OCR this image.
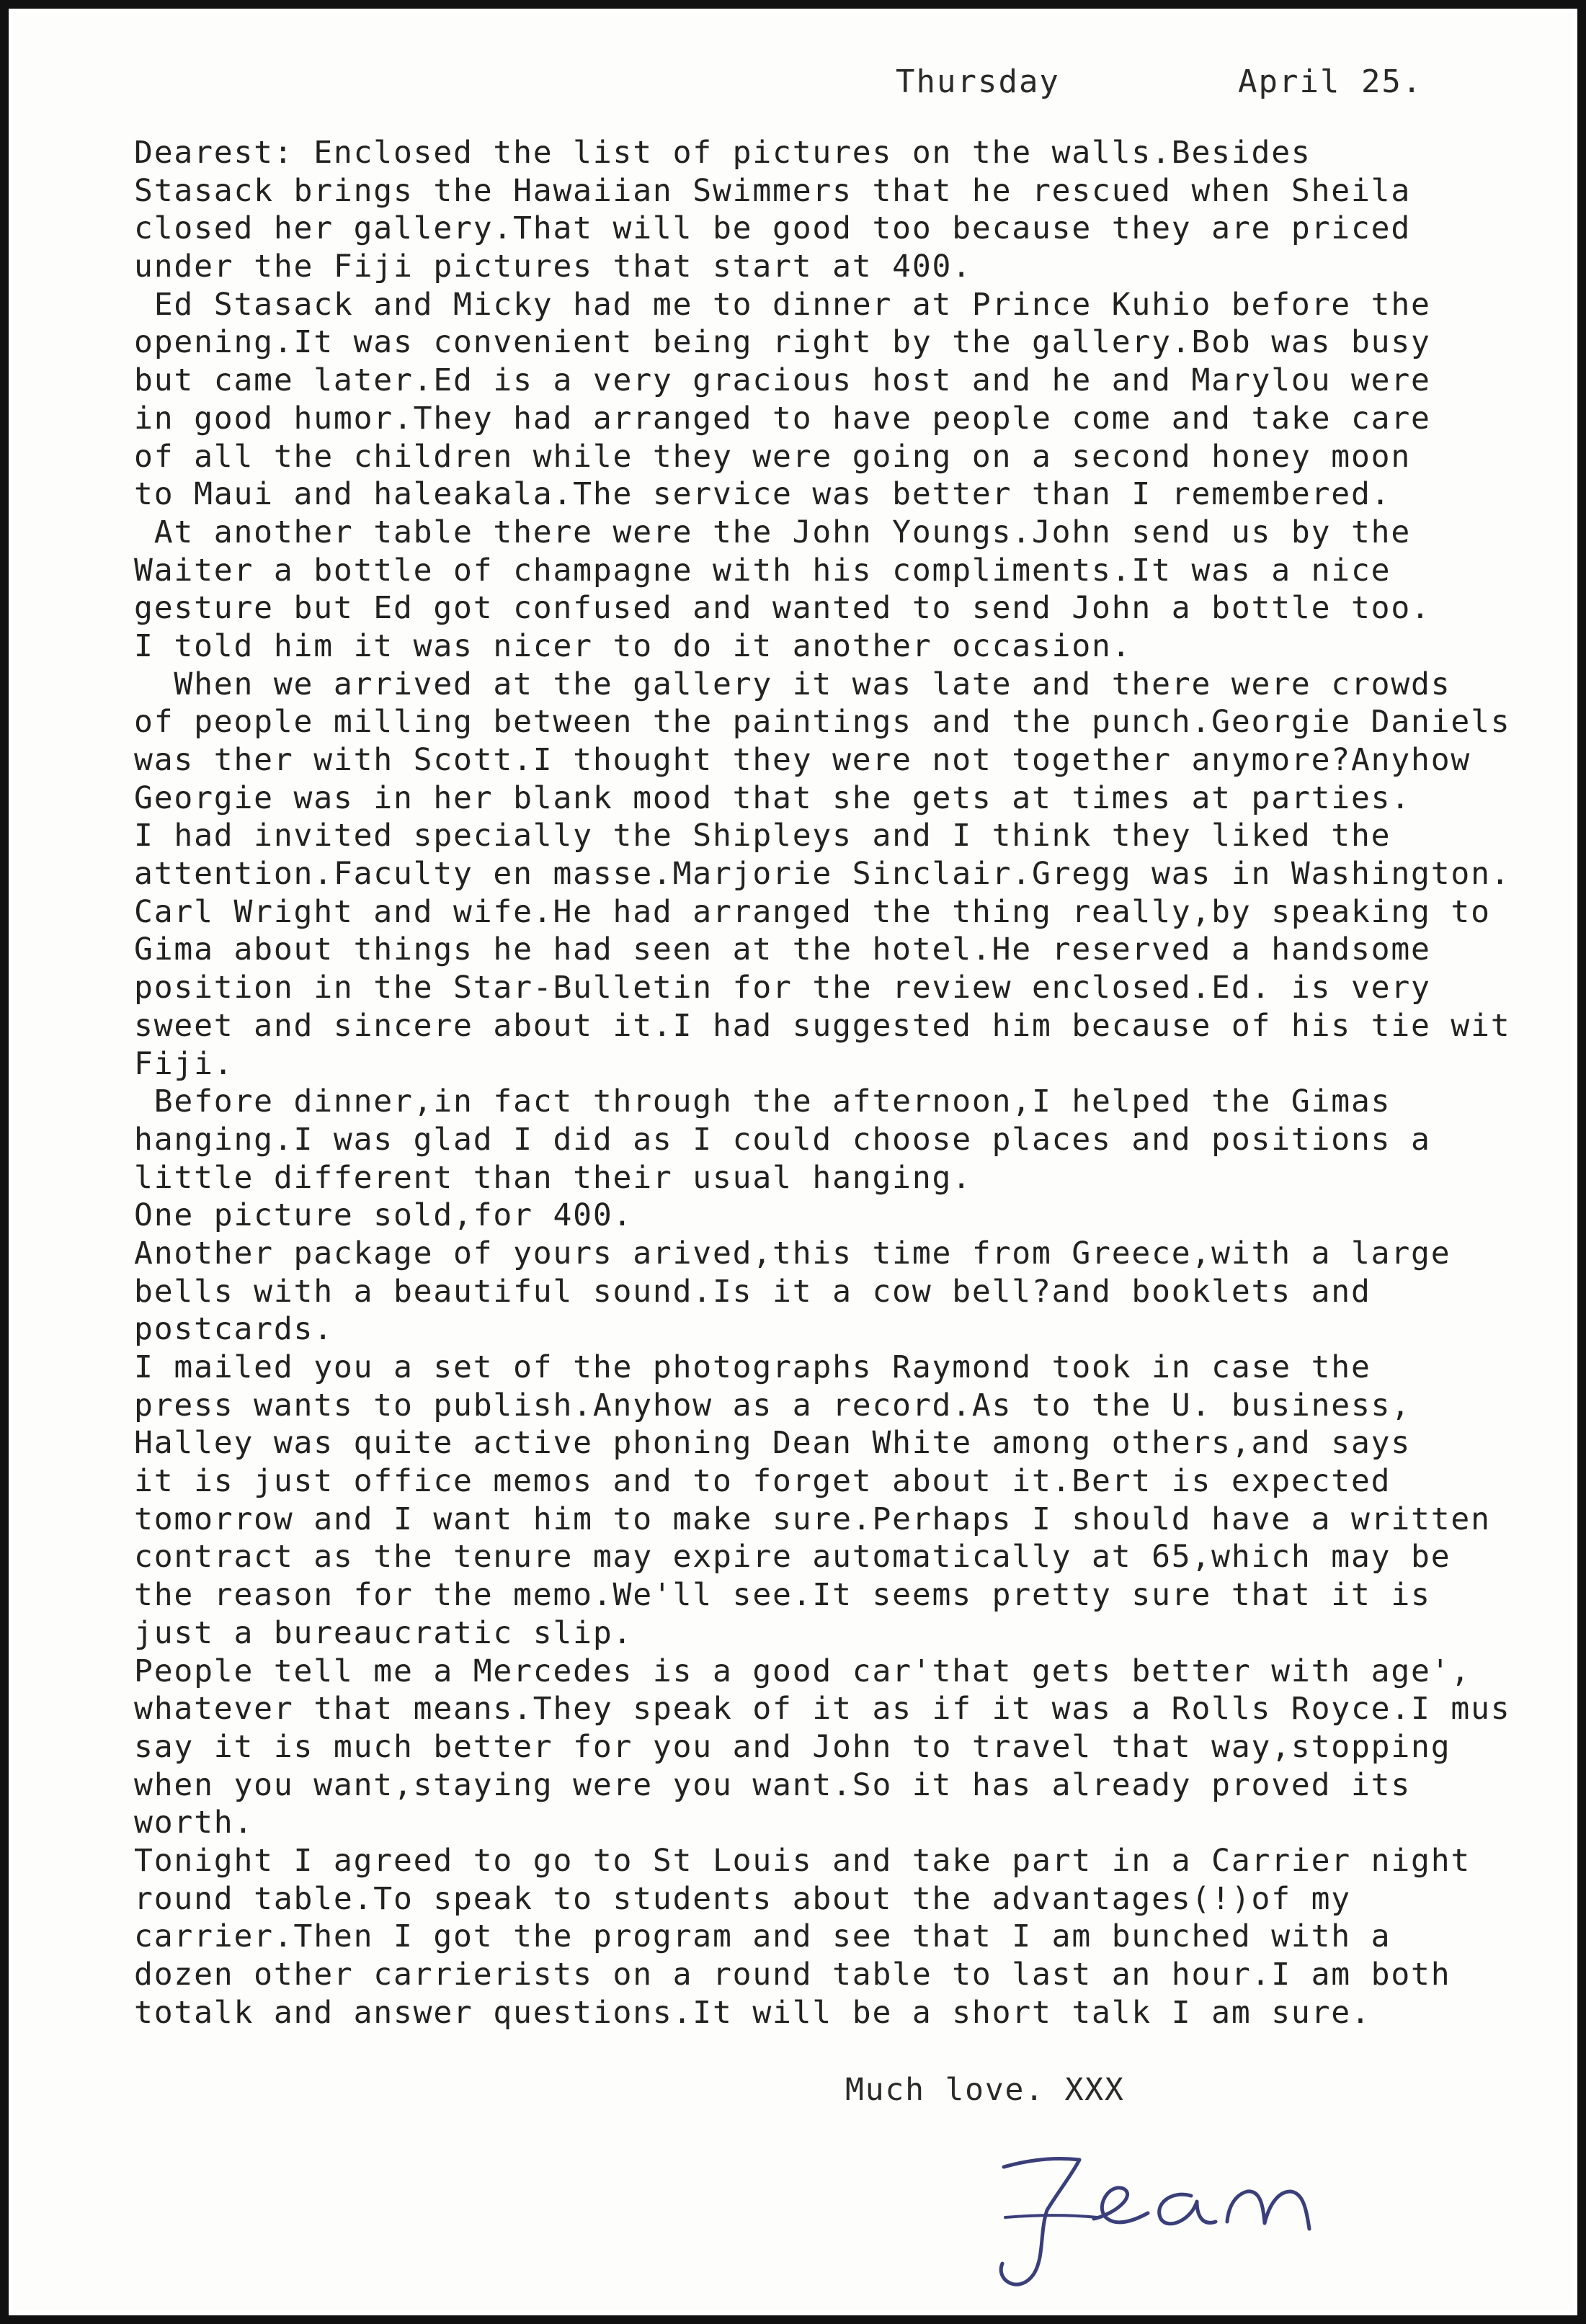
Thursday	April 25.
Dearest: Enclosed the list of pictures on the walls.Besides
Stasack brings the Hawaiian Swimmers that he rescued when Sheila
closed her gallery.That will be good too because they are priced
under the Fiji pictures that start at 400.
Ed Stasack and Micky had me to dinner at Prince Kuhio before the
opening.It was convenient being right by the gallery.Bob was busy
but came later.Ed is a very gracious host and he and Marylou were
in good humor.They had arranged to have people come and take care
of all the children while they were going on a second honey moon
to Maui and haleakala.The service was better than I remembered.
At another table there were the John Youngs.John send us by the
Waiter a bottle of champagne with his compliments.It was a nice
gesture but Ed got confused and wanted to send John a bottle too.
I told him it was nicer to do it another occasion.
When we arrived at the gallery it was late and there were crowds
of people milling between the paintings and the punch.Georgie Daniels
was ther with Scott.I thought they were not together anymore?Anyhow
Georgie was in her blank mood that she gets at times at parties.
I had invited specially the Shipleys and I think they liked the
attention.Faculty en masse.Marjorie Sinclair.Gregg was in Washington.
Carl Wright and wife.He had arranged the thing really,by speaking to
Gima about things he had seen at the hotel.He reserved a handsome
position in the Star-Bulletin for the review enclosed.Ed. is very
sweet and sincere about it.I had suggested him because of his tie wit
Fiji.
Before dinner,in fact through the afternoon,I helped the Gimas
hanging.I was glad I did as I could choose places and positions a
little different than their usual hanging.
One picture sold,for 400.
Another package of yours arived,this time from Greece,with a large
bells with a beautiful sound.Is it a cow bell?and booklets and
postcards.
I mailed you a set of the photographs Raymond took in case the
press wants to publish.Anyhow as a record.As to the U. business,
Halley was quite active phoning Dean White among others,and says
it is just office memos and to forget about it.Bert is expected
tomorrow and I want him to make sure.Perhaps I should have a written
contract as the tenure may expire automatically at 65,which may be
the reason for the memo.We'll see.It seems pretty sure that it is
just a bureaucratic slip.
People tell me a Mercedes is a good car'that gets better with age',
whatever that means.They speak of it as if it was a Rolls Royce.I mus
say it is much better for you and John to travel that way,stopping
when you want,staying were you want.So it has already proved its
worth.
Tonight I agreed to go to St Louis and take part in a Carrier night
round table.To speak to students about the advantages(!)of my
carrier.Then I got the program and see that I am bunched with a
dozen other carrierists on a round table to last an hour.I am both
totalk and answer questions.It will be a short talk I am sure.
Much love. XXX
